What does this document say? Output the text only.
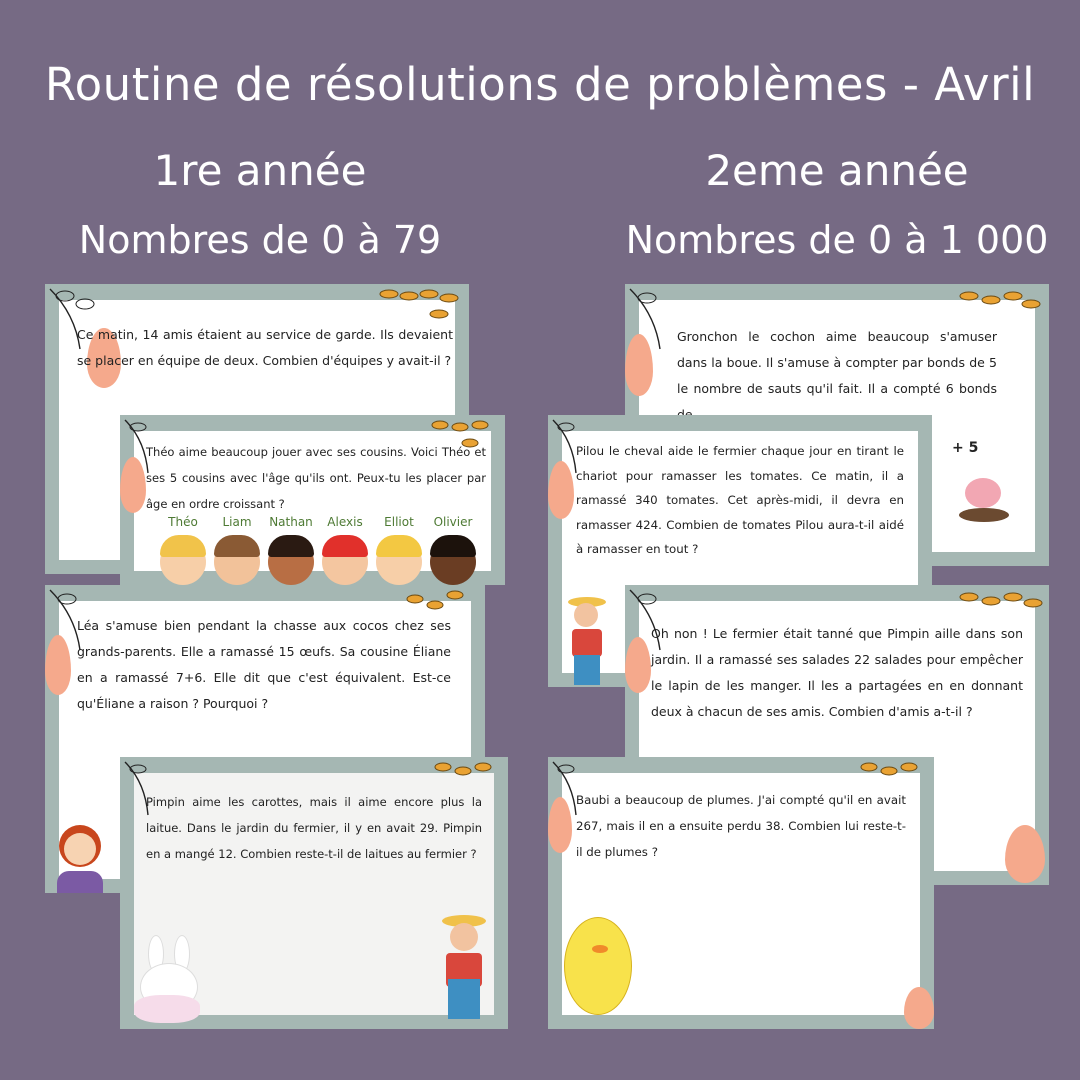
Routine de résolutions de problèmes - Avril
1re année
Nombres de 0 à 79
2eme année
Nombres de 0 à 1 000
Ce matin, 14 amis étaient au service de garde. Ils devaient se placer en équipe de deux. Combien d'équipes y avait-il ?
Théo aime beaucoup jouer avec ses cousins. Voici Théo et ses 5 cousins avec l'âge qu'ils ont. Peux-tu les placer par âge en ordre croissant ?
Théo	Liam	Nathan	Alexis	Elliot	Olivier
Léa s'amuse bien pendant la chasse aux cocos chez ses grands-parents. Elle a ramassé 15 œufs. Sa cousine Éliane en a ramassé 7+6. Elle dit que c'est équivalent. Est-ce qu'Éliane a raison ? Pourquoi ?
Pimpin aime les carottes, mais il aime encore plus la laitue. Dans le jardin du fermier, il y en avait 29. Pimpin en a mangé 12. Combien reste-t-il de laitues au fermier ?
Gronchon le cochon aime beaucoup s'amuser dans la boue. Il s'amuse à compter par bonds de 5 le nombre de sauts qu'il fait. Il a compté 6 bonds
+ 5
Pilou le cheval aide le fermier chaque jour en tirant le chariot pour ramasser les tomates. Ce matin, il a ramassé 340 tomates. Cet après-midi, il devra en ramasser 424. Combien de tomates Pilou aura-t-il aidé à ramasser en tout ?
Oh non ! Le fermier était tanné que Pimpin aille dans son jardin. Il a ramassé ses salades 22 salades pour empêcher le lapin de les manger. Il les a partagées en en donnant deux à chacun de ses amis. Combien d'amis a-t-il ?
Baubi a beaucoup de plumes. J'ai compté qu'il en avait 267, mais il en a ensuite perdu 38. Combien lui reste-t-il de plumes ?
